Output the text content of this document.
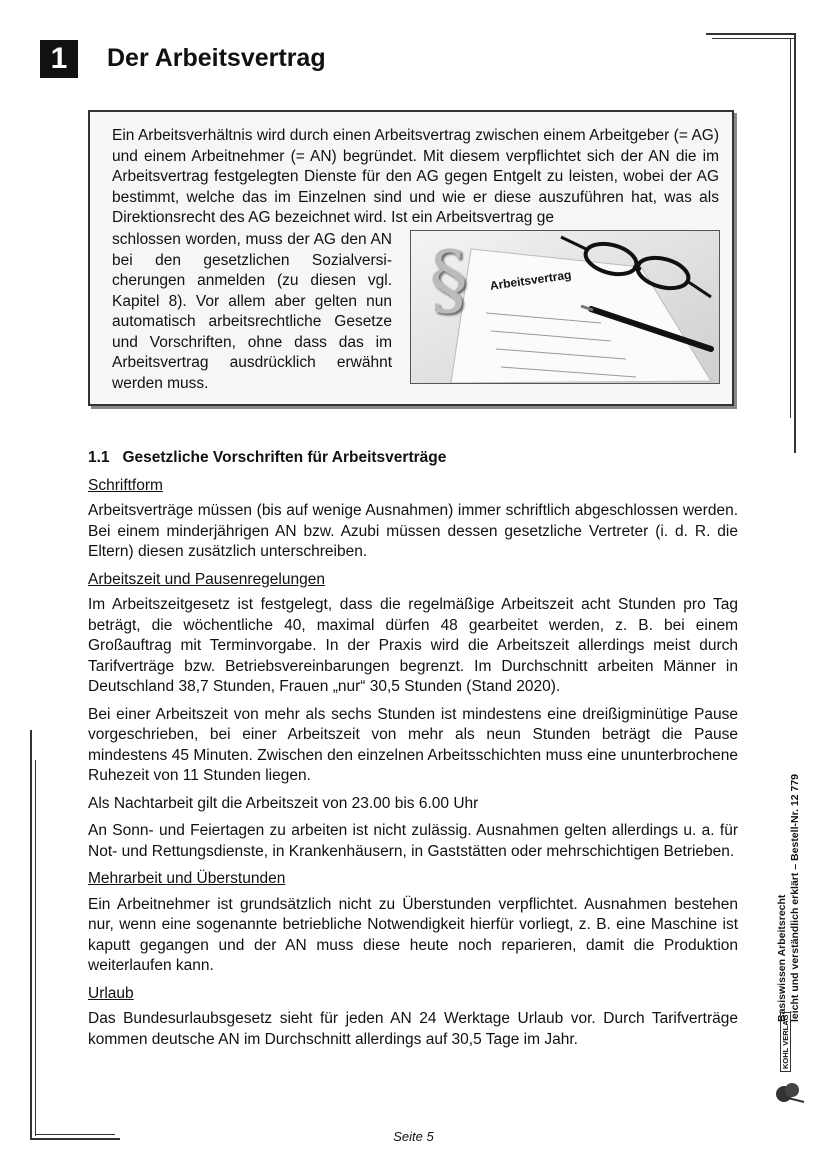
1	Der Arbeitsvertrag
Ein Arbeitsverhältnis wird durch einen Arbeitsvertrag zwischen einem Arbeitgeber (= AG) und einem Arbeitnehmer (= AN) begründet. Mit diesem verpflichtet sich der AN die im Arbeitsvertrag festgelegten Dienste für den AG gegen Entgelt zu leisten, wobei der AG bestimmt, welche das im Einzelnen sind und wie er diese auszuführen hat, was als Direktionsrecht des AG bezeichnet wird. Ist ein Arbeitsvertrag ge
schlossen worden, muss der AG den AN bei den gesetzlichen Sozialversicherungen anmelden (zu diesen vgl. Kapitel 8). Vor allem aber gelten nun automatisch arbeitsrechtliche Gesetze und Vorschriften, ohne dass das im Arbeitsvertrag ausdrücklich erwähnt werden muss.
§ Arbeitsvertrag
1.1   Gesetzliche Vorschriften für Arbeitsverträge
Schriftform

Arbeitsverträge müssen (bis auf wenige Ausnahmen) immer schriftlich abgeschlossen werden. Bei einem minderjährigen AN bzw. Azubi müssen dessen gesetzliche Vertreter (i. d. R. die Eltern) diesen zusätzlich unterschreiben.

Arbeitszeit und Pausenregelungen

Im Arbeitszeitgesetz ist festgelegt, dass die regelmäßige Arbeitszeit acht Stunden pro Tag beträgt, die wöchentliche 40, maximal dürfen 48 gearbeitet werden, z. B. bei einem Großauftrag mit Terminvorgabe. In der Praxis wird die Arbeitszeit allerdings meist durch Tarifverträge bzw. Betriebsvereinbarungen begrenzt. Im Durchschnitt arbeiten Männer in Deutschland 38,7 Stunden, Frauen „nur“ 30,5 Stunden (Stand 2020).

Bei einer Arbeitszeit von mehr als sechs Stunden ist mindestens eine dreißigminütige Pause vorgeschrieben, bei einer Arbeitszeit von mehr als neun Stunden beträgt die Pause mindestens 45 Minuten. Zwischen den einzelnen Arbeitsschichten muss eine ununterbrochene Ruhezeit von 11 Stunden liegen.

Als Nachtarbeit gilt die Arbeitszeit von 23.00 bis 6.00 Uhr

An Sonn- und Feiertagen zu arbeiten ist nicht zulässig. Ausnahmen gelten allerdings u. a. für Not- und Rettungsdienste, in Krankenhäusern, in Gaststätten oder mehrschichtigen Betrieben.

Mehrarbeit und Überstunden

Ein Arbeitnehmer ist grundsätzlich nicht zu Überstunden verpflichtet. Ausnahmen bestehen nur, wenn eine sogenannte betriebliche Notwendigkeit hierfür vorliegt, z. B. eine Maschine ist kaputt gegangen und der AN muss diese heute noch reparieren, damit die Produktion weiterlaufen kann.

Urlaub

Das Bundesurlaubsgesetz sieht für jeden AN 24 Werktage Urlaub vor. Durch Tarifverträge kommen deutsche AN im Durchschnitt allerdings auf 30,5 Tage im Jahr.

Basiswissen Arbeitsrecht leicht und verständlich erklärt – Bestell-Nr. 12 779
KOHL VERLAG
Seite 5
